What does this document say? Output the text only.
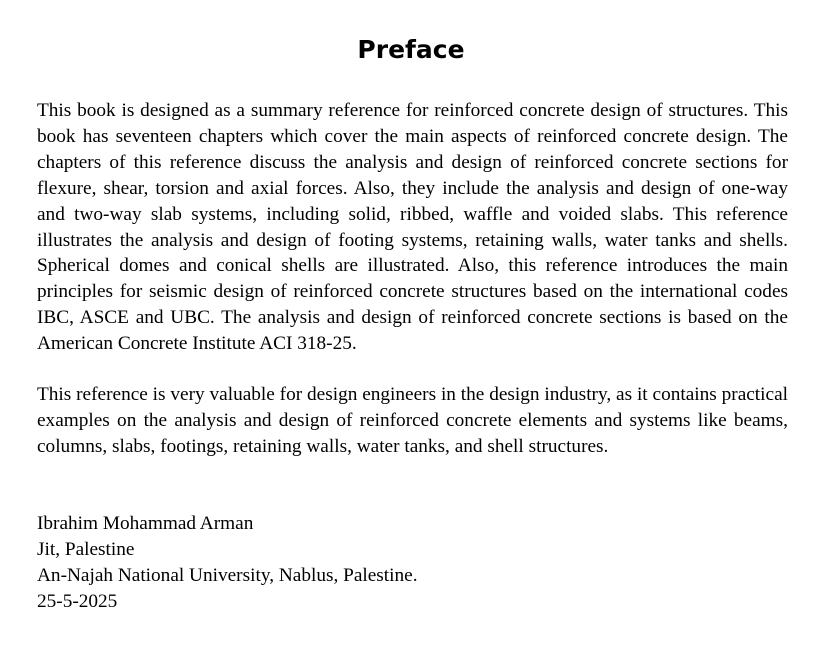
Preface

This book is designed as a summary reference for reinforced concrete design of structures. This book has seventeen chapters which cover the main aspects of reinforced concrete design. The chapters of this reference discuss the analysis and design of reinforced concrete sections for flexure, shear, torsion and axial forces. Also, they include the analysis and design of one-way and two-way slab systems, including solid, ribbed, waffle and voided slabs. This reference illustrates the analysis and design of footing systems, retaining walls, water tanks and shells. Spherical domes and conical shells are illustrated. Also, this reference introduces the main principles for seismic design of reinforced concrete structures based on the international codes IBC, ASCE and UBC. The analysis and design of reinforced concrete sections is based on the American Concrete Institute ACI 318-25.

This reference is very valuable for design engineers in the design industry, as it contains practical examples on the analysis and design of reinforced concrete elements and systems like beams, columns, slabs, footings, retaining walls, water tanks, and shell structures.

Ibrahim Mohammad Arman
Jit, Palestine
An-Najah National University, Nablus, Palestine.
25-5-2025
